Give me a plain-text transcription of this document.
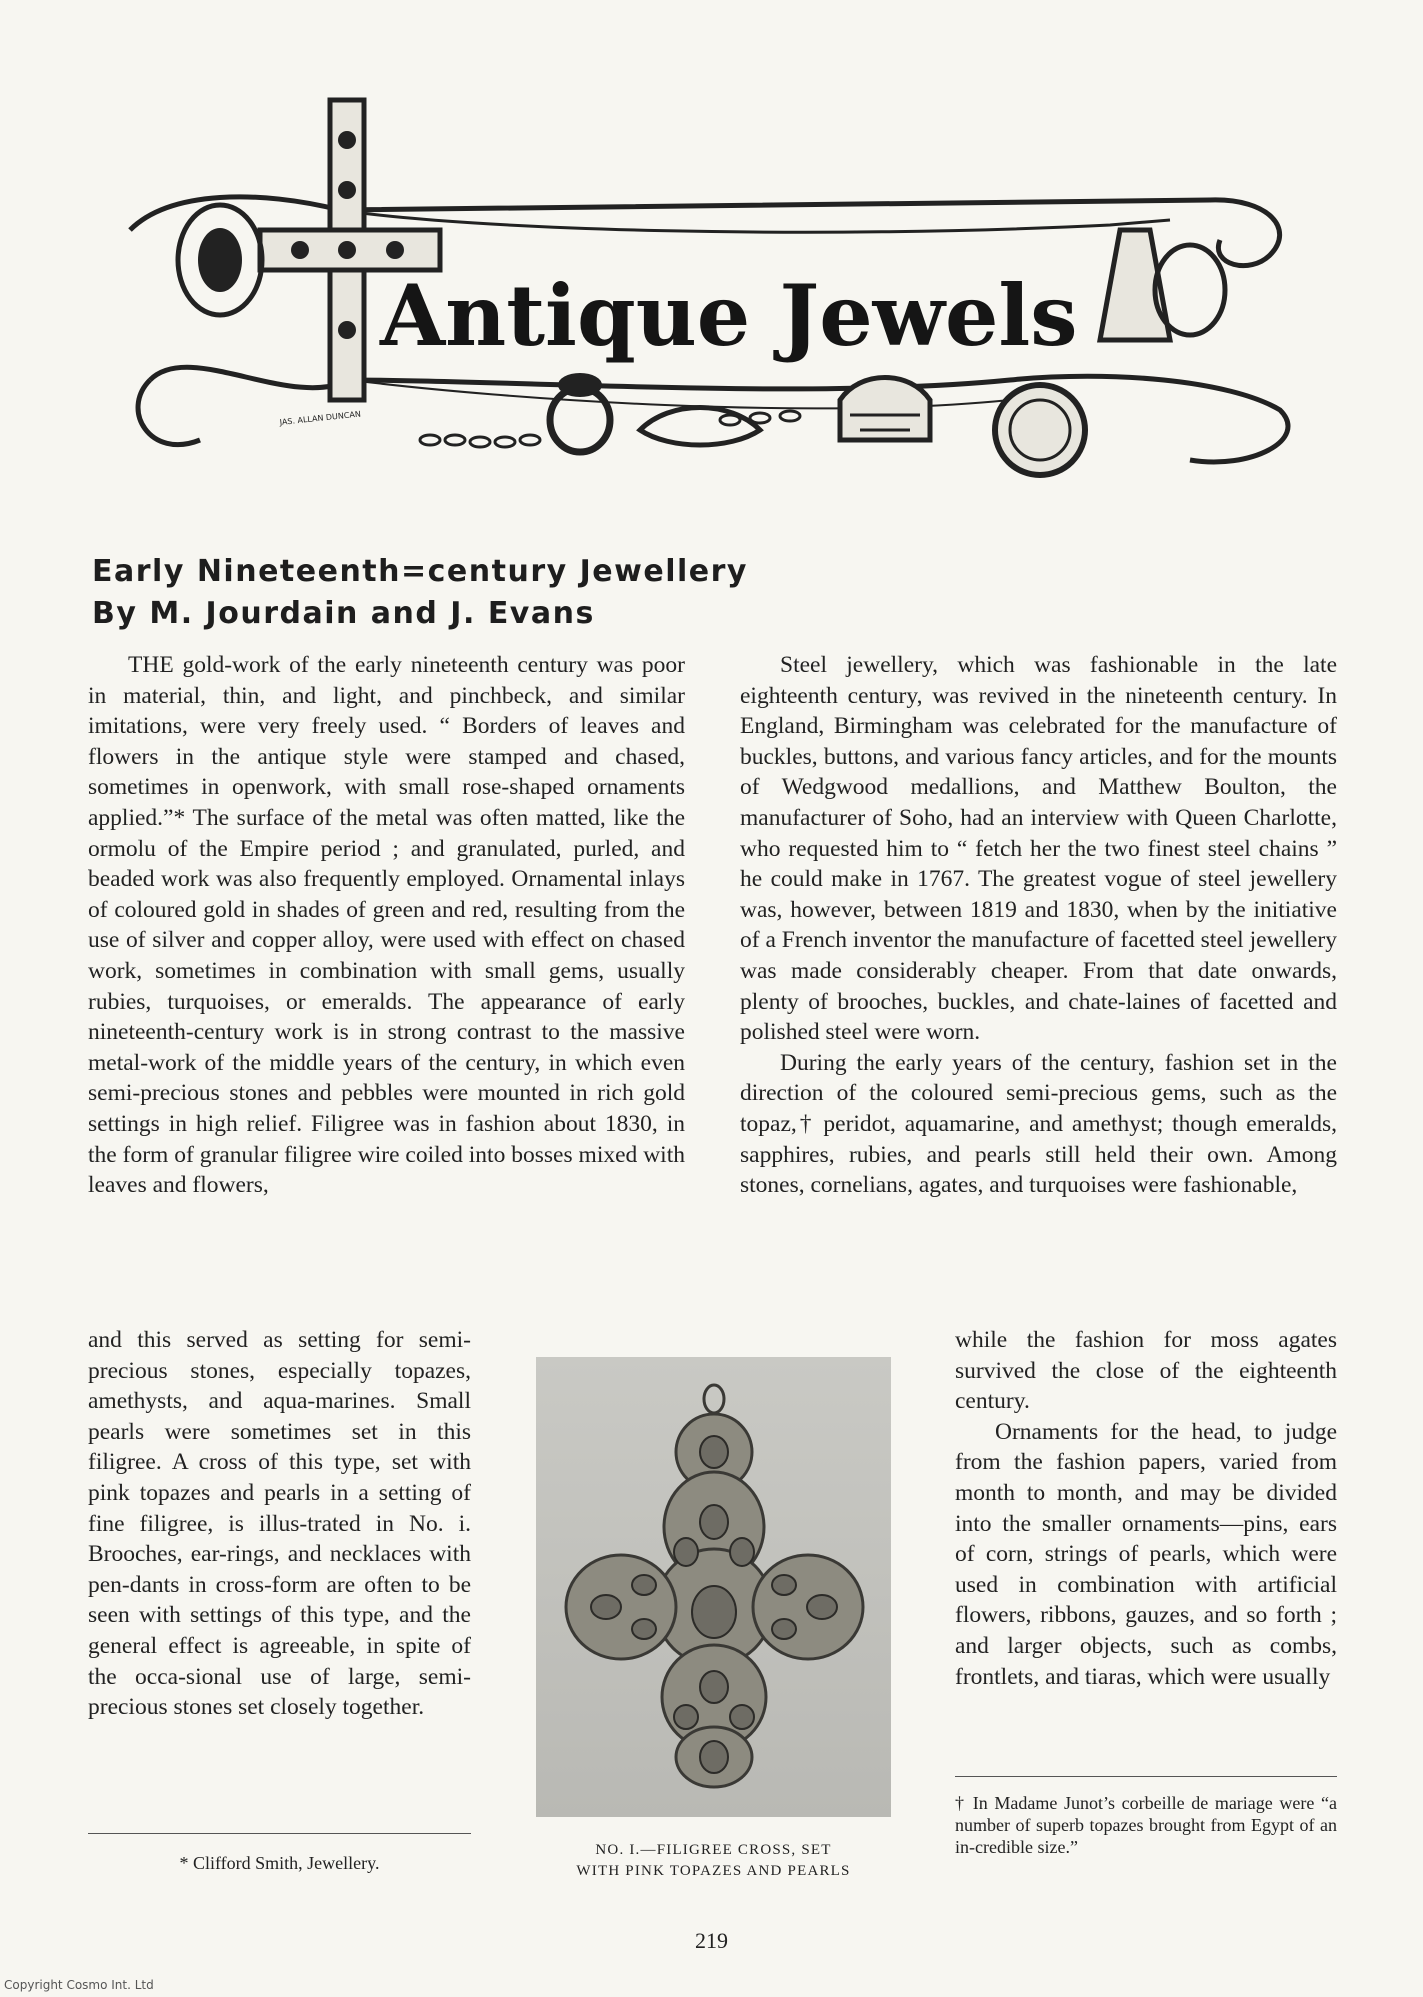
Antique Jewels
JAS. ALLAN DUNCAN
Early Nineteenth=century Jewellery
By M. Jourdain and J. Evans

THE gold-work of the early nineteenth century was poor in material, thin, and light, and pinchbeck, and similar imitations, were very freely used. “ Borders of leaves and flowers in the antique style were stamped and chased, sometimes in openwork, with small rose-shaped ornaments applied.”* The surface of the metal was often matted, like the ormolu of the Empire period ; and granulated, purled, and beaded work was also frequently employed. Ornamental inlays of coloured gold in shades of green and red, resulting from the use of silver and copper alloy, were used with effect on chased work, sometimes in combination with small gems, usually rubies, turquoises, or emeralds. The appearance of early nineteenth-century work is in strong contrast to the massive metal-work of the middle years of the century, in which even semi-precious stones and pebbles were mounted in rich gold settings in high relief. Filigree was in fashion about 1830, in the form of granular filigree wire coiled into bosses mixed with leaves and flowers,

and this served as setting for semi-precious stones, especially topazes, amethysts, and aqua-marines. Small pearls were sometimes set in this filigree. A cross of this type, set with pink topazes and pearls in a setting of fine filigree, is illus-trated in No. i. Brooches, ear-rings, and necklaces with pen-dants in cross-form are often to be seen with settings of this type, and the general effect is agreeable, in spite of the occa-sional use of large, semi-precious stones set closely together.

Steel jewellery, which was fashionable in the late eighteenth century, was revived in the nineteenth century. In England, Birmingham was celebrated for the manufacture of buckles, buttons, and various fancy articles, and for the mounts of Wedgwood medallions, and Matthew Boulton, the manufacturer of Soho, had an interview with Queen Charlotte, who requested him to “ fetch her the two finest steel chains ” he could make in 1767. The greatest vogue of steel jewellery was, however, between 1819 and 1830, when by the initiative of a French inventor the manufacture of facetted steel jewellery was made considerably cheaper. From that date onwards, plenty of brooches, buckles, and chate-laines of facetted and polished steel were worn.

During the early years of the century, fashion set in the direction of the coloured semi-precious gems, such as the topaz,† peridot, aquamarine, and amethyst; though emeralds, sapphires, rubies, and pearls still held their own. Among stones, cornelians, agates, and turquoises were fashionable,

while the fashion for moss agates survived the close of the eighteenth century.

Ornaments for the head, to judge from the fashion papers, varied from month to month, and may be divided into the smaller ornaments—pins, ears of corn, strings of pearls, which were used in combination with artificial flowers, ribbons, gauzes, and so forth ; and larger objects, such as combs, frontlets, and tiaras, which were usually

NO. I.—FILIGREE CROSS, SET
WITH PINK TOPAZES AND PEARLS

* Clifford Smith, Jewellery.

† In Madame Junot’s corbeille de mariage were “a number of superb topazes brought from Egypt of an in-credible size.”

219

Copyright Cosmo Int. Ltd
